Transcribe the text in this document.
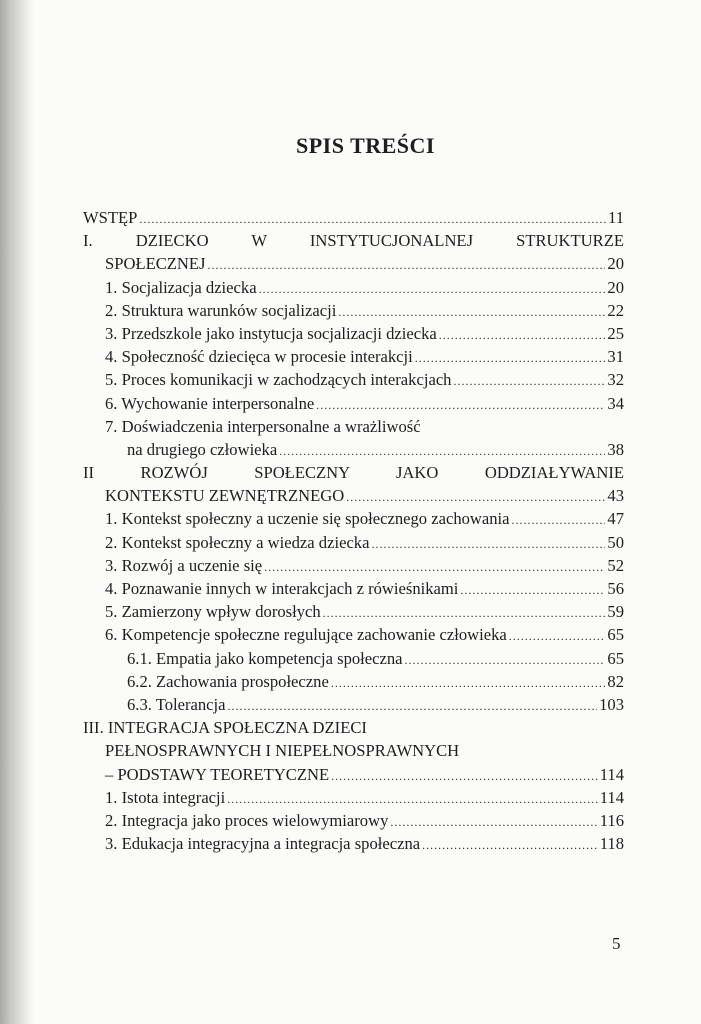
SPIS TREŚCI
WSTĘP .....	11
I. DZIECKO W INSTYTUCJONALNEJ STRUKTURZE
SPOŁECZNEJ .....	20
1. Socjalizacja dziecka .....	20
2. Struktura warunków socjalizacji .....	22
3. Przedszkole jako instytucja socjalizacji dziecka .....	25
4. Społeczność dziecięca w procesie interakcji .....	31
5. Proces komunikacji w zachodzących interakcjach .....	32
6. Wychowanie interpersonalne .....	34
7. Doświadczenia interpersonalne a wrażliwość
na drugiego człowieka .....	38
II ROZWÓJ SPOŁECZNY JAKO ODDZIAŁYWANIE
KONTEKSTU ZEWNĘTRZNEGO .....	43
1. Kontekst społeczny a uczenie się społecznego zachowania .....	47
2. Kontekst społeczny a wiedza dziecka .....	50
3. Rozwój a uczenie się .....	52
4. Poznawanie innych w interakcjach z rówieśnikami .....	56
5. Zamierzony wpływ dorosłych .....	59
6. Kompetencje społeczne regulujące zachowanie człowieka .....	65
6.1. Empatia jako kompetencja społeczna .....	65
6.2. Zachowania prospołeczne .....	82
6.3. Tolerancja .....	103
III. INTEGRACJA SPOŁECZNA DZIECI
PEŁNOSPRAWNYCH I NIEPEŁNOSPRAWNYCH
– PODSTAWY TEORETYCZNE .....	114
1. Istota integracji .....	114
2. Integracja jako proces wielowymiarowy .....	116
3. Edukacja integracyjna a integracja społeczna .....	118
5
